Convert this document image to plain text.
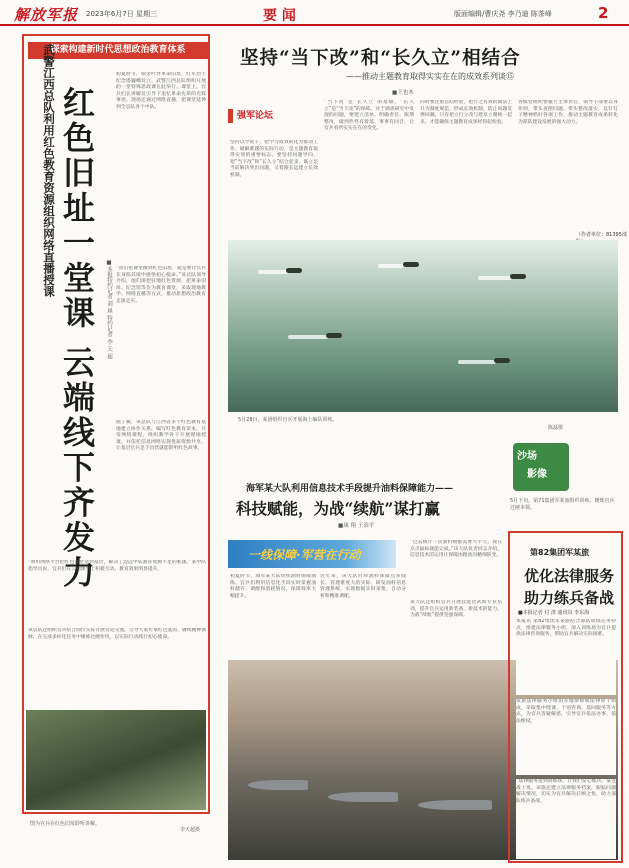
解放军报 2023年6月7日 星期三	要 闻	版面编辑/曹庆尧 李乃迪 陈茶峰	2
探索构建新时代思想政治教育体系
武警江西总队利用红色教育资源组织网络直播授课 红色旧址一堂课 云端线下齐发力	■本报特约记者 刘 琪 特约记者 李 天 超
初夏时节，瑞金叶坪革命旧址，红军烈士纪念塔巍峨耸立。武警江西总队组织开展的一堂特殊思政课在此举行。课堂上，官兵们在讲解员引导下追忆革命先辈的光辉事迹，现场还通过网络直播，把课堂延伸到全总队各个中队。
“我们把课堂搬到红色旧址，就是要让官兵在身临其境中感悟初心使命。”该总队领导介绍，他们深挖驻地红色资源，把革命旧址、纪念馆等作为教育课堂，采取现地教学、网络直播等方式，推动思想政治教育走深走实。
据了解，该总队与江西省多个红色教育基地建立协作关系，编写红色教育读本，开发网络课程，组织教学骨干开展现地授课，并依托信息网络实现优质资源共享，让基层官兵足不出营就能聆听红色故事。
“利用网络平台把红色课堂送到基层，解决了边远中队教育资源不足的难题。”某中队指导员说，官兵们在云端课堂上积极互动，教育效果明显提升。
该总队还组织官兵结合岗位实际开展讨论交流，引导大家传承红色基因、赓续精神血脉，在完成多样化任务中锤炼过硬作风，以实际行动践行初心使命。
图为官兵在红色旧址聆听讲解。
李天超摄
坚持“当下改”和“长久立”相结合
——推动主题教育取得实实在在的成效系列谈⑮
■王也木
强军论坛
坚持以学促干，把学习成效转化为推动工作、破解难题的实际行动，是主题教育取得实效的重要标志。要坚持问题导向，把“当下改”和“长久立”结合起来，既立足当前解决突出问题，又着眼长远建立长效机制。
“当下改”是“长久立”的基础，“长久立”是“当下改”的保障。对于调查研究中发现的问题，要建立清单、明确责任、限期整改，做到件件有着落、事事有回音，让官兵看到实实在在的变化。
同时要注重总结经验，把行之有效的做法上升为制度规范，形成长效机制，防止问题反弹回潮。只有把立行立改与建章立制统一起来，才能确保主题教育成果经得起检验。
各级党组织要履行主体责任，领导干部要以身作则，带头查摆问题、带头整改落实，以钉钉子精神抓好各项工作，推动主题教育成果转化为部队建设发展的强大动力。
（作者单位：81395部
5月28日，某团组织官兵开展海上编队训练。
陈磊摄
海军某大队利用信息技术手段提升油料保障能力——
科技赋能，为战“续航”谋打赢
■康 翔 王治平
沙场
影像
5月下旬，第71集团军某旅组织训练，锤炼官兵过硬本领。
一线保障·军营在行动
初夏时节，海军某大队组织油料保障演练。官兵们利用信息化手段实时掌握油料储存、调配和消耗情况，保障效率大幅提升。
近年来，该大队针对油料保障点多线长、管理难度大的实际，研发油料信息管理系统，实现数据实时采集、自动分析和精准调配。
“过去统计一次油料数据需要大半天，现在点点鼠标就能完成。”该大队负责同志介绍，信息技术的运用让保障由粗放向精细转变。
该大队还组织官兵开展技能比武和专业培训，提升官兵运用新装备、新技术的能力，为战“续航”提供坚强保障。
第82集团军某旅
优化法律服务
助力练兵备战
■本报记者 付 清 通讯员 李东海
本报讯 第82集团军某旅结合部队训练任务特点，组建法律服务小组，深入训练场为官兵提供法律咨询服务，帮助官兵解决实际困难。
该旅法律服务小组由军地律师和法律骨干组成，采取集中授课、个别咨询、巡回服务等方式，为官兵答疑解惑，引导官兵依法办事、依法维权。
“法律服务送到训练场，让我们安心练兵。”某连战士说。该旅还建立法律服务档案，跟踪问题解决情况，切实为官兵解决后顾之忧，助力部队练兵备战。
